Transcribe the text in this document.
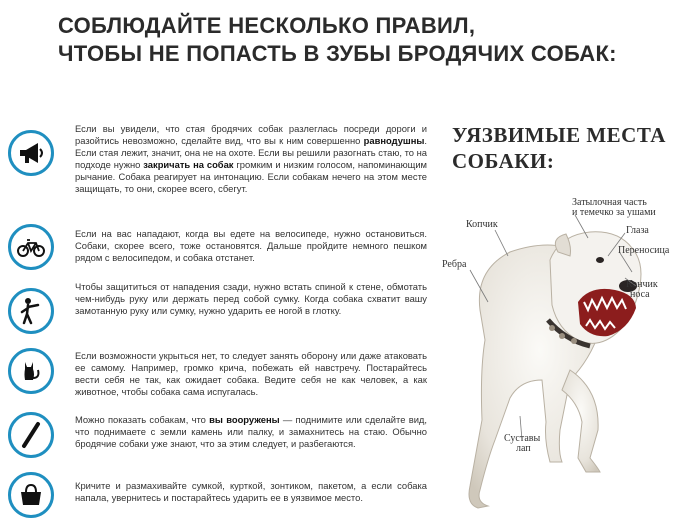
СОБЛЮДАЙТЕ НЕСКОЛЬКО ПРАВИЛ,
ЧТОБЫ НЕ ПОПАСТЬ В ЗУБЫ БРОДЯЧИХ СОБАК:
Если вы увидели, что стая бродячих собак разлеглась посреди дороги и разойтись невозможно, сделайте вид, что вы к ним совершенно равнодушны. Если стая лежит, значит, она не на охоте. Если вы решили разогнать стаю, то на подходе нужно закричать на собак громким и низким голосом, напоминающим рычание. Собака реагирует на интонацию. Если собакам нечего на этом месте защищать, то они, скорее всего, сбегут.
Если на вас нападают, когда вы едете на велосипеде, нужно остановиться. Собаки, скорее всего, тоже остановятся. Дальше пройдите немного пешком рядом с велосипедом, и собака отстанет.
Чтобы защититься от нападения сзади, нужно встать спиной к стене, обмотать чем-нибудь руку или держать перед собой сумку. Когда собака схватит вашу замотанную руку или сумку, нужно ударить ее ногой в глотку.
Если возможности укрыться нет, то следует занять оборону или даже атаковать ее самому. Например, громко крича, побежать ей навстречу. Постарайтесь вести себя не так, как ожидает собака. Ведите себя не как человек, а как животное, чтобы собака сама испугалась.
Можно показать собакам, что вы вооружены — поднимите или сделайте вид, что поднимаете с земли камень или палку, и замахнитесь на стаю. Обычно бродячие собаки уже знают, что за этим следует, и разбегаются.
Кричите и размахивайте сумкой, курткой, зонтиком, пакетом, а если собака напала, увернитесь и постарайтесь ударить ее в уязвимое место.
УЯЗВИМЫЕ МЕСТА
СОБАКИ:
Затылочная часть
и темечко за ушами
Копчик
Глаза
Переносица
Ребра
Кончик
носа
Суставы
лап
